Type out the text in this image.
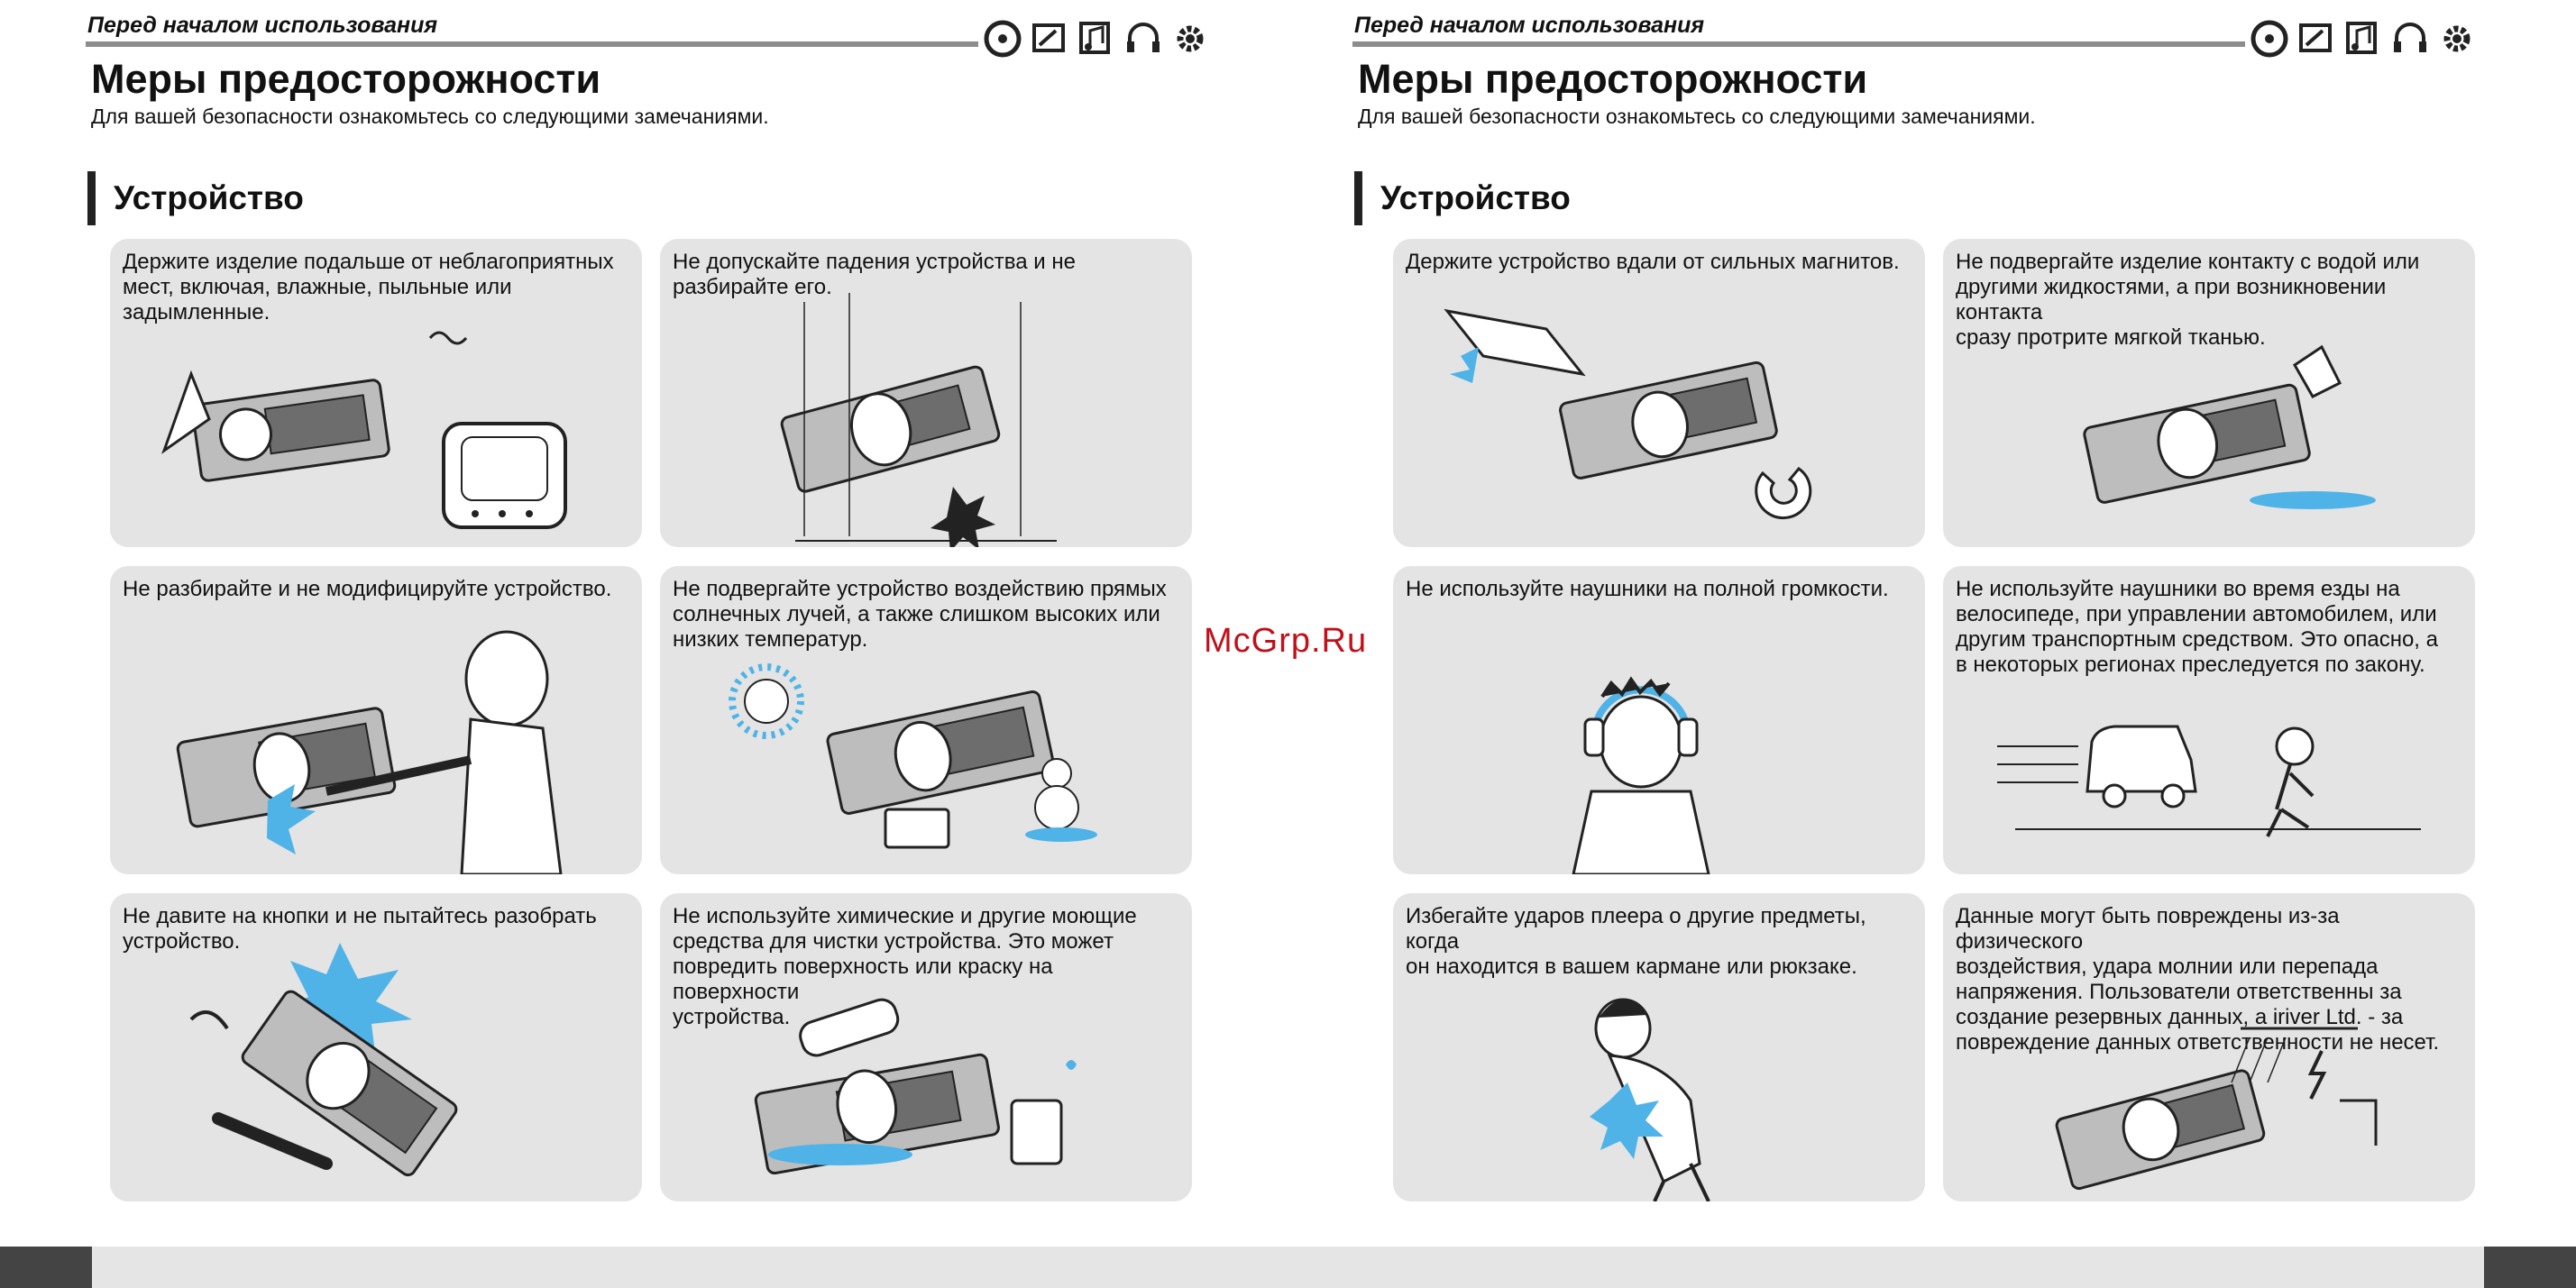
Перед началом использования
Меры предосторожности
Для вашей безопасности ознакомьтесь со следующими замечаниями.
Устройство
Держите изделие подальше от неблагоприятных
мест, включая, влажные, пыльные или
задымленные.
Не допускайте падения устройства и не
разбирайте его.
Не разбирайте и не модифицируйте устройство.	Не подвергайте устройство воздействию прямых
солнечных лучей, а также слишком высоких или
низких температур.
Не давите на кнопки и не пытайтесь разобрать
устройство.
Не используйте химические и другие моющие
средства для чистки устройства. Это может
повредить поверхность или краску на поверхности
устройства.
Перед началом использования
Меры предосторожности
Для вашей безопасности ознакомьтесь со следующими замечаниями.
Устройство
Держите устройство вдали от сильных магнитов.	Не подвергайте изделие контакту с водой или
другими жидкостями, а при возникновении контакта
сразу протрите мягкой тканью.
Не используйте наушники на полной громкости.	Не используйте наушники во время езды на
велосипеде, при управлении автомобилем, или
другим транспортным средством. Это опасно, а
в некоторых регионах преследуется по закону.
Избегайте ударов плеера о другие предметы, когда
он находится в вашем кармане или рюкзаке.
Данные могут быть повреждены из-за физического
воздействия, удара молнии или перепада
напряжения. Пользователи ответственны за
создание резервных данных, а iriver Ltd. - за
повреждение данных ответственности не несет.
McGrp.Ru
